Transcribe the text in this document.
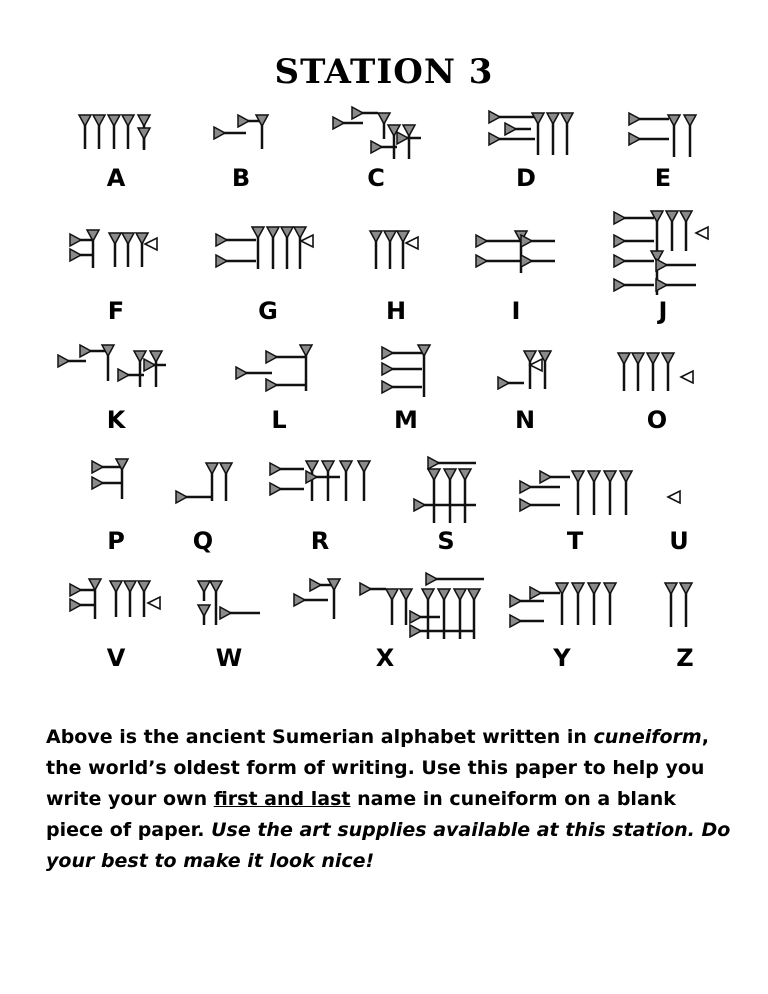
STATION 3
A	B	C	D	E
F	G	H	I	J
K	L	M	N	O
P	Q	R	S	T	U
V	W	X	Y	Z
Above is the ancient Sumerian alphabet written in cuneiform, the world’s oldest form of writing. Use this paper to help you write your own first and last name in cuneiform on a blank piece of paper. Use the art supplies available at this station. Do your best to make it look nice!
